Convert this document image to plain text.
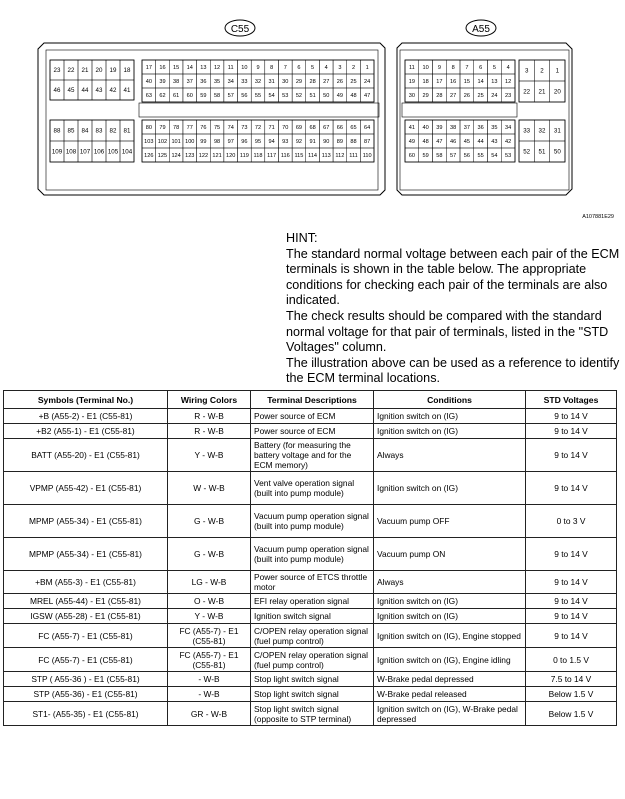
C55	A55
23 22 21 20 19 18
46 45 44 43 42 41
88 85 84 83 82 81
109 108 107 106 105 104
17 16 15 14 13 12 11 10 9 8 7 6 5 4 3 2 1
40 39 38 37 36 35 34 33 32 31 30 29 28 27 26 25 24
63 62 61 60 59 58 57 56 55 54 53 52 51 50 49 48 47
80 79 78 77 76 75 74 73 72 71 70 69 68 67 66 65 64
103 102 101 100 99 98 97 96 95 94 93 92 91 90 89 88 87
126 125 124 123 122 121 120 119 118 117 116 115 114 113 112 111 110
11 10 9 8 7 6 5 4
19 18 17 16 15 14 13 12
30 29 28 27 26 25 24 23
3 2 1
22 21 20
41 40 39 38 37 36 35 34
49 48 47 46 45 44 43 42
60 59 58 57 56 55 54 53
33 32 31
52 51 50
A107881E29

HINT:

The standard normal voltage between each pair of the ECM terminals is shown in the table below. The appropriate conditions for checking each pair of the terminals are also indicated.

The check results should be compared with the standard normal voltage for that pair of terminals, listed in the "STD Voltages" column.

The illustration above can be used as a reference to identify the ECM terminal locations.

Symbols (Terminal No.)	Wiring Colors	Terminal Descriptions	Conditions	STD Voltages
+B (A55-2) - E1 (C55-81)	R - W-B	Power source of ECM	Ignition switch on (IG)	9 to 14 V
+B2 (A55-1) - E1 (C55-81)	R - W-B	Power source of ECM	Ignition switch on (IG)	9 to 14 V
BATT (A55-20) - E1 (C55-81)	Y - W-B	Battery (for measuring the battery voltage and for the ECM memory)	Always	9 to 14 V
VPMP (A55-42) - E1 (C55-81)	W - W-B	Vent valve operation signal (built into pump module)	Ignition switch on (IG)	9 to 14 V
MPMP (A55-34) - E1 (C55-81)	G - W-B	Vacuum pump operation signal (built into pump module)	Vacuum pump OFF	0 to 3 V
MPMP (A55-34) - E1 (C55-81)	G - W-B	Vacuum pump operation signal (built into pump module)	Vacuum pump ON	9 to 14 V
+BM (A55-3) - E1 (C55-81)	LG - W-B	Power source of ETCS throttle motor	Always	9 to 14 V
MREL (A55-44) - E1 (C55-81)	O - W-B	EFI relay operation signal	Ignition switch on (IG)	9 to 14 V
IGSW (A55-28) - E1 (C55-81)	Y - W-B	Ignition switch signal	Ignition switch on (IG)	9 to 14 V
FC (A55-7) - E1 (C55-81)	FC (A55-7) - E1 (C55-81)	C/OPEN relay operation signal (fuel pump control)	Ignition switch on (IG), Engine stopped	9 to 14 V
FC (A55-7) - E1 (C55-81)	FC (A55-7) - E1 (C55-81)	C/OPEN relay operation signal (fuel pump control)	Ignition switch on (IG), Engine idling	0 to 1.5 V
STP ( A55-36 ) - E1 (C55-81)	- W-B	Stop light switch signal	W-Brake pedal depressed	7.5 to 14 V
STP (A55-36) - E1 (C55-81)	- W-B	Stop light switch signal	W-Brake pedal released	Below 1.5 V
ST1- (A55-35) - E1 (C55-81)	GR - W-B	Stop light switch signal (opposite to STP terminal)	Ignition switch on (IG), W-Brake pedal depressed	Below 1.5 V
